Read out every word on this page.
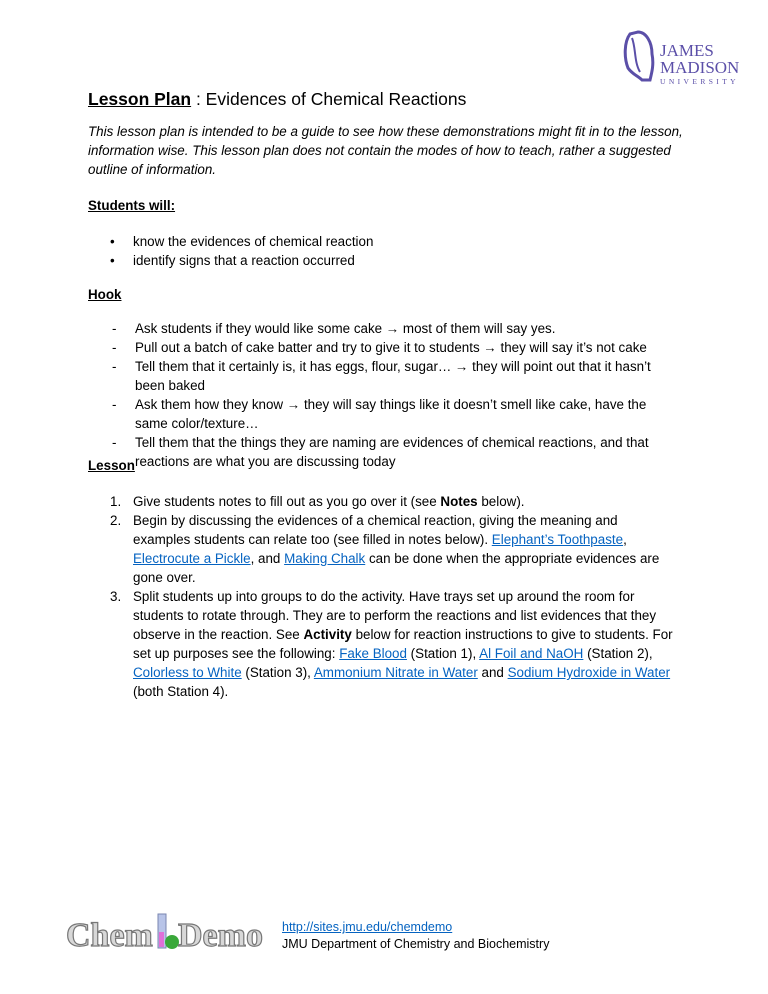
JAMES
MADISON
UNIVERSITY
Lesson Plan : Evidences of Chemical Reactions
This lesson plan is intended to be a guide to see how these demonstrations might fit in to the lesson, information wise. This lesson plan does not contain the modes of how to teach, rather a suggested outline of information.
Students will:
• know the evidences of chemical reaction
• identify signs that a reaction occurred
Hook
- Ask students if they would like some cake → most of them will say yes.
- Pull out a batch of cake batter and try to give it to students → they will say it’s not cake
- Tell them that it certainly is, it has eggs, flour, sugar… → they will point out that it hasn’t been baked
- Ask them how they know → they will say things like it doesn’t smell like cake, have the same color/texture…
- Tell them that the things they are naming are evidences of chemical reactions, and that reactions are what you are discussing today
Lesson
1. Give students notes to fill out as you go over it (see Notes below).
2. Begin by discussing the evidences of a chemical reaction, giving the meaning and examples students can relate too (see filled in notes below). Elephant’s Toothpaste, Electrocute a Pickle, and Making Chalk can be done when the appropriate evidences are gone over.
3. Split students up into groups to do the activity. Have trays set up around the room for students to rotate through. They are to perform the reactions and list evidences that they observe in the reaction. See Activity below for reaction instructions to give to students. For set up purposes see the following: Fake Blood (Station 1), Al Foil and NaOH (Station 2), Colorless to White (Station 3), Ammonium Nitrate in Water and Sodium Hydroxide in Water (both Station 4).
Chem Demo http://sites.jmu.edu/chemdemo
JMU Department of Chemistry and Biochemistry
